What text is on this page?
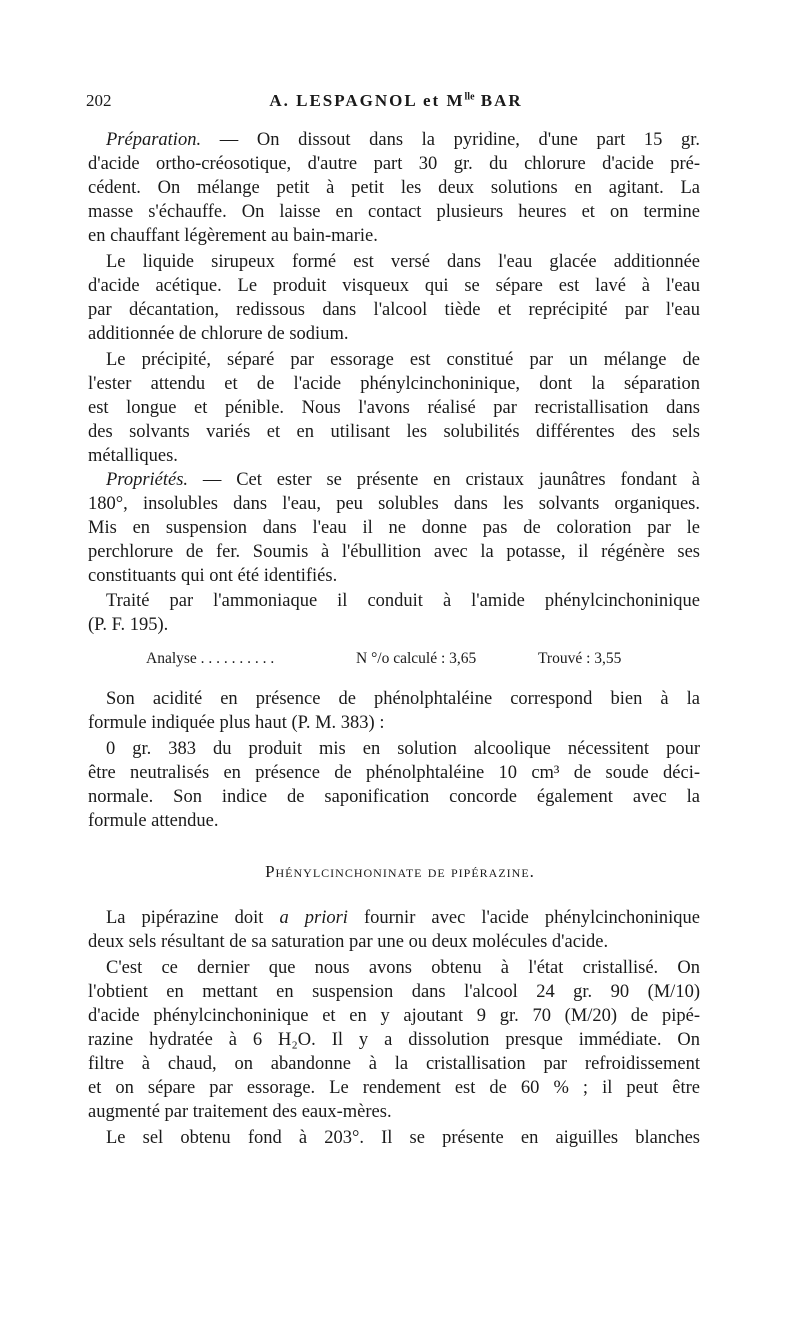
202	A. LESPAGNOL et $M^{lle}$ BAR
Préparation. — On dissout dans la pyridine, d'une part 15 gr.
d'acide ortho-créosotique, d'autre part 30 gr. du chlorure d'acide pré-
cédent. On mélange petit à petit les deux solutions en agitant. La
masse s'échauffe. On laisse en contact plusieurs heures et on termine
en chauffant légèrement au bain-marie.
Le liquide sirupeux formé est versé dans l'eau glacée additionnée
d'acide acétique. Le produit visqueux qui se sépare est lavé à l'eau
par décantation, redissous dans l'alcool tiède et reprécipité par l'eau
additionnée de chlorure de sodium.
Le précipité, séparé par essorage est constitué par un mélange de
l'ester attendu et de l'acide phénylcinchoninique, dont la séparation
est longue et pénible. Nous l'avons réalisé par recristallisation dans
des solvants variés et en utilisant les solubilités différentes des sels
métalliques.
Propriétés. — Cet ester se présente en cristaux jaunâtres fondant à
180°, insolubles dans l'eau, peu solubles dans les solvants organiques.
Mis en suspension dans l'eau il ne donne pas de coloration par le
perchlorure de fer. Soumis à l'ébullition avec la potasse, il régénère ses
constituants qui ont été identifiés.
Traité par l'ammoniaque il conduit à l'amide phénylcinchoninique
(P. F. 195).
Analyse . . . . . . . . . .	N °/o calculé : 3,65	Trouvé : 3,55
Son acidité en présence de phénolphtaléine correspond bien à la
formule indiquée plus haut (P. M. 383) :
0 gr. 383 du produit mis en solution alcoolique nécessitent pour
être neutralisés en présence de phénolphtaléine 10 cm³ de soude déci-
normale. Son indice de saponification concorde également avec la
formule attendue.
Phénylcinchoninate de pipérazine.
La pipérazine doit a priori fournir avec l'acide phénylcinchoninique
deux sels résultant de sa saturation par une ou deux molécules d'acide.
C'est ce dernier que nous avons obtenu à l'état cristallisé. On
l'obtient en mettant en suspension dans l'alcool 24 gr. 90 (M/10)
d'acide phénylcinchoninique et en y ajoutant 9 gr. 70 (M/20) de pipé-
razine hydratée à 6 H₂O. Il y a dissolution presque immédiate. On
filtre à chaud, on abandonne à la cristallisation par refroidissement
et on sépare par essorage. Le rendement est de 60 % ; il peut être
augmenté par traitement des eaux-mères.
Le sel obtenu fond à 203°. Il se présente en aiguilles blanches
